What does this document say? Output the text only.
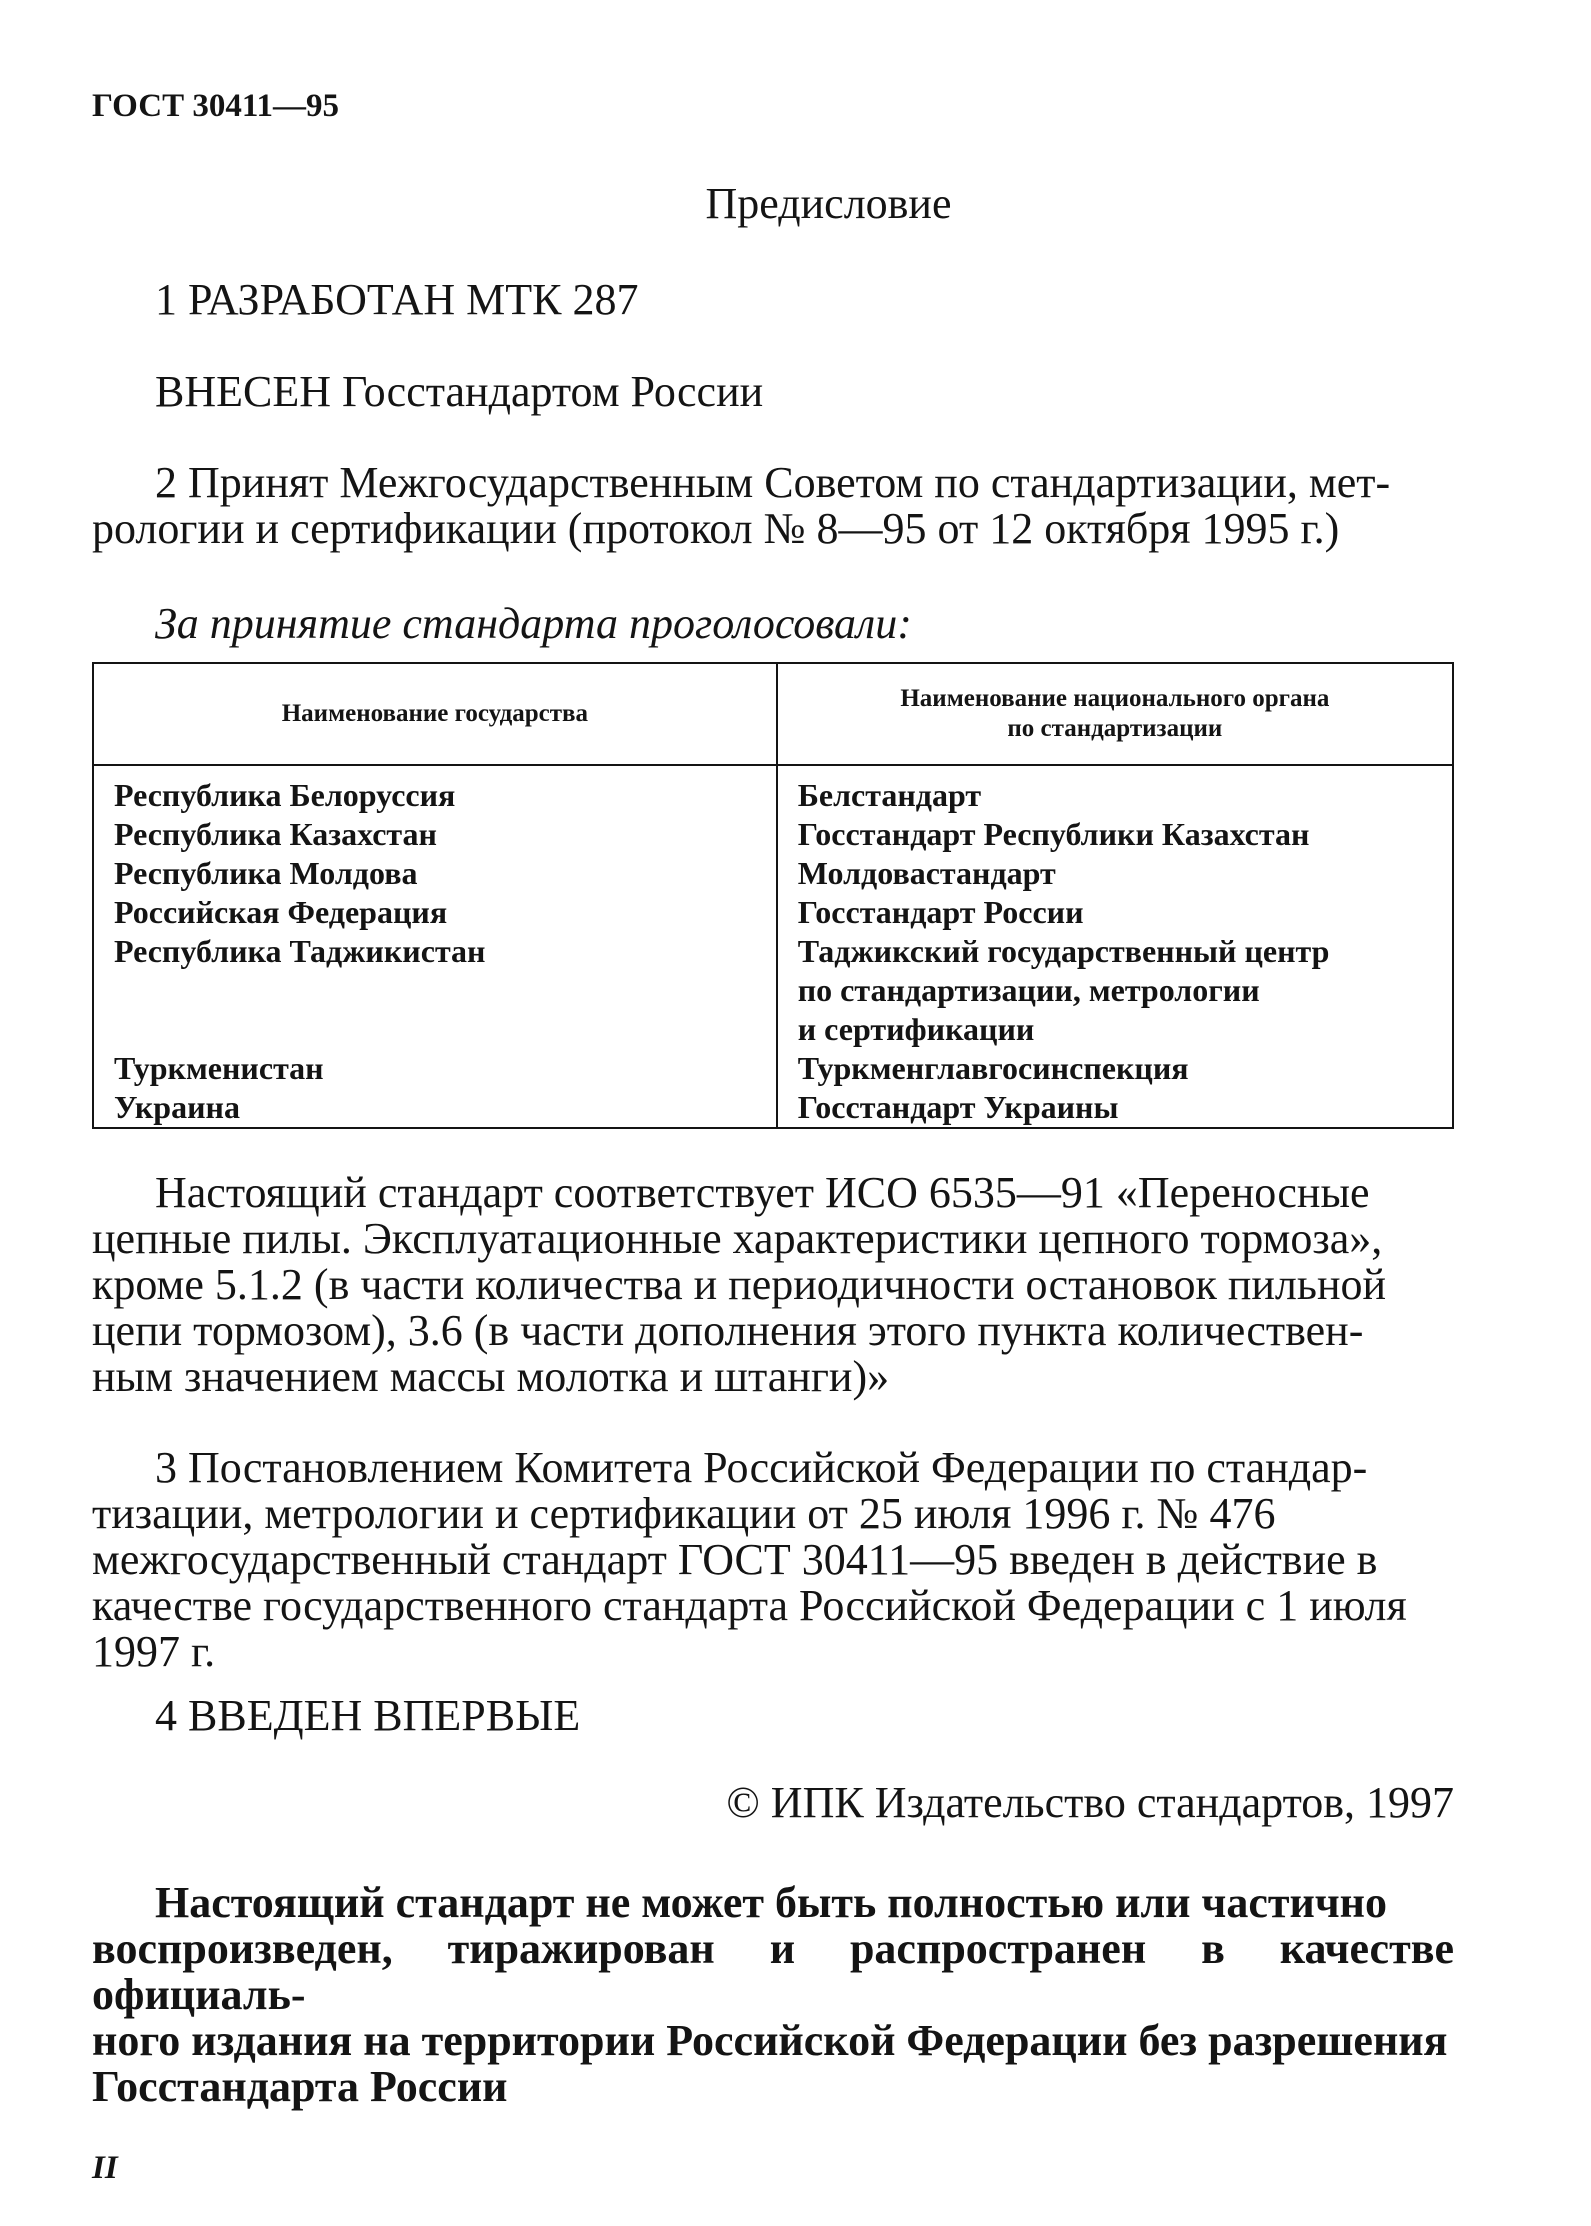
ГОСТ 30411—95
Предисловие
1 РАЗРАБОТАН МТК 287
ВНЕСЕН Госстандартом России
2 Принят Межгосударственным Советом по стандартизации, мет-
рологии и сертификации (протокол № 8—95 от 12 октября 1995 г.)
За принятие стандарта проголосовали:
Наименование государства	Наименование национального органа
по стандартизации

Республика Белоруссия	Белстандарт
Республика Казахстан	Госстандарт Республики Казахстан
Республика Молдова	Молдовастандарт
Российская Федерация	Госстандарт России
Республика Таджикистан	Таджикский государственный центр
по стандартизации, метрологии
и сертификации

Туркменистан	Туркменглавгосинспекция
Украина	Госстандарт Украины
Настоящий стандарт соответствует ИСО 6535—91 «Переносные
цепные пилы. Эксплуатационные характеристики цепного тормоза»,
кроме 5.1.2 (в части количества и периодичности остановок пильной
цепи тормозом), 3.6 (в части дополнения этого пункта количествен-
ным значением массы молотка и штанги)»
3 Постановлением Комитета Российской Федерации по стандар-
тизации, метрологии и сертификации от 25 июля 1996 г. № 476
межгосударственный стандарт ГОСТ 30411—95 введен в действие в
качестве государственного стандарта Российской Федерации с 1 июля
1997 г.
4 ВВЕДЕН ВПЕРВЫЕ
© ИПК Издательство стандартов, 1997
Настоящий стандарт не может быть полностью или частично
воспроизведен, тиражирован и распространен в качестве официаль-
ного издания на территории Российской Федерации без разрешения
Госстандарта России
II
